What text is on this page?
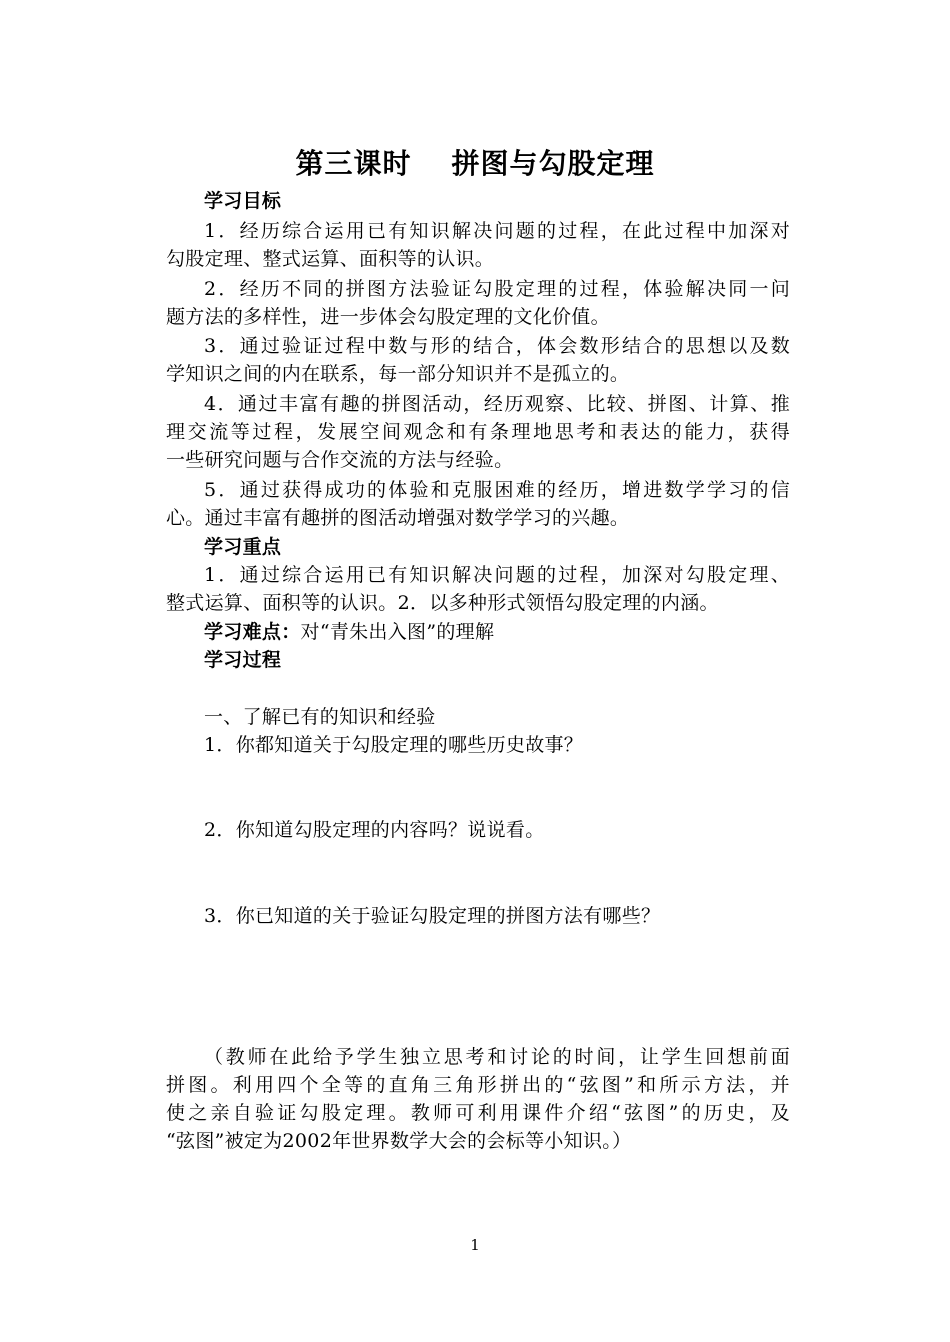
第三课时 拼图与勾股定理
学习目标
1．经历综合运用已有知识解决问题的过程，在此过程中加深对
勾股定理、整式运算、面积等的认识。
2．经历不同的拼图方法验证勾股定理的过程，体验解决同一问
题方法的多样性，进一步体会勾股定理的文化价值。
3．通过验证过程中数与形的结合，体会数形结合的思想以及数
学知识之间的内在联系，每一部分知识并不是孤立的。
4．通过丰富有趣的拼图活动，经历观察、比较、拼图、计算、推
理交流等过程，发展空间观念和有条理地思考和表达的能力，获得
一些研究问题与合作交流的方法与经验。
5．通过获得成功的体验和克服困难的经历，增进数学学习的信
心。通过丰富有趣拼的图活动增强对数学学习的兴趣。
学习重点
1．通过综合运用已有知识解决问题的过程，加深对勾股定理、
整式运算、面积等的认识。2．以多种形式领悟勾股定理的内涵。
学习难点：对“青朱出入图”的理解
学习过程
一、了解已有的知识和经验
1．你都知道关于勾股定理的哪些历史故事？
2．你知道勾股定理的内容吗？说说看。
3．你已知道的关于验证勾股定理的拼图方法有哪些？
（教师在此给予学生独立思考和讨论的时间，让学生回想前面
拼图。利用四个全等的直角三角形拼出的“弦图”和所示方法，并
使之亲自验证勾股定理。教师可利用课件介绍“弦图”的历史，及
“弦图”被定为2002年世界数学大会的会标等小知识。）
1
